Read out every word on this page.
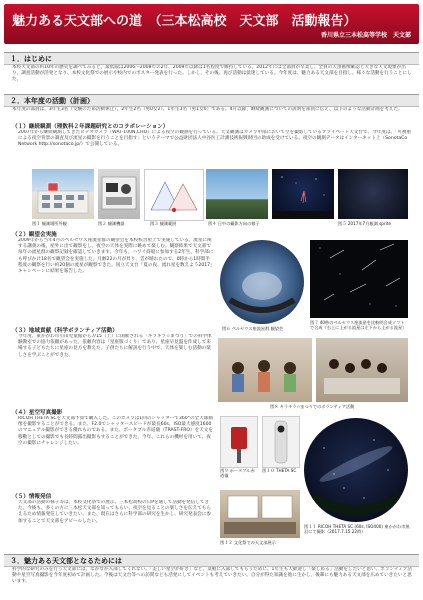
魅力ある天文部への道　（三本松高校　天文部　活動報告）
香川県立三本松高等学校　天文部
１．はじめに
本校天文部の約10年の歴史を調べてみると、最低限は2006～2008年の2年、2009年以降は1名程度で維持している。2012年には全部員が卒業し、全員の天頂画像確認と大きな天文現象が出り、調査活動が活発となり、本校文化祭での展示や校内でのポスター発表を行った。しかし、その後、再び活動は低迷している。今年度は、魅力ある天文部を目指し、様々な活動を行うことにした。
２．本年度の活動（計画）
本年度の部員は、3年生3名（受験のため活動休止）、2年生2名（男0女2）、1年生3名（男1女0）である。4月以降、継続観測についての説明を部員に伝え、以下のような活動計画を考えた。
（１）継続観測（理数科２年課題研究とのコラボレーション）
2007年から継続観測してきたビデオカメラ（WAT-100N,CHO）による夜空の観測を行っている。天文観測はカメラ中部において空を撮影しているプライベート天文台で、今年度は、「可視重による夜空背景の調査及び流星の撮影を行うことを目指す」というテーマで公益財団法人中谷医工計測技術振興財団の助成を受けている。夜空の観測データはインターネット上（SonotaCo Network http://sonotaco.jp/）で公開している。
図１ 観測場所外観	図２ 観測機器	図３ 観測範囲	図４ 日中の撮影方向の様子	図５ 2017年7月観測 sprite
（２）観望会実施
2009年から当年4月のペルセウス座流星群の観望会を本校校舎屋上で実施している。流星に関する講義の後、屋外に出て観察をし、夜空の天体を実際に眺めて楽しむ。観察結果で天文部で毎年の流星群の観察記録を確認していきます。今年も、ハワイ商船に参加する2年生、科学部にも呼びかけ18名で観望会を実施した。月齢22の月が昇り、雲が晴れたので、0時から1時間半程度の観察を行い約20個の流星が観察できた。国立天文台「夏の夜、流れ星を数えよう2017」キャンペーンに結果を報告した。
図６ ペルセウス座流星群 観望会
図７ 40秒のペルセウス座流星を比較明合成ソフトで合成（右上に上がる流星は左下から上がる流星）
（３）地域貢献（科学ボランティア活動）
今年度、東かがわ市引田児童館から7/15（土）に開催される「キラキラ☆まつり」での科学体験教室での協力依頼があった。依頼内容は「星座版づくり」であり、星座早見盤を作成して来場する子どもたちに星座の見方を教えた。子供たちに解説を行う中で、天体を楽しむ活動の楽しさを学ぶことができた。
図８ キラキラ☆まつりでのボランティア活動
（４）星空写真撮影
RICOH THETA SCを天文部予算で購入した。このカメラは1回のシャッターで360°の全天球画像を撮影することができる。また、F2.0でシャッタースピードが最長60s、ISO最大感度1600のマニュアル撮影ができる優れものである。また、ポータブル赤道儀（TRAST-FRO）を天文を移動としての撮影でも長時間露出撮影もすることができた。今年、これらの機材を用いて、夜空の撮影にチャレンジしたい。
図９ ポータブル赤道儀
図１０ THETA SC
（５）情報発信
天文部の活動の様子等は、本校文化祭での展示、三本松高校の日Pを通して活動を発信してきた。今後も、多くの方に三本松天文部を知ってもらい、夜空を見ることの楽しさを伝えてもらえるため情報発信していきたい。また、現在はさらに科学部の研究を生かし、研究発表会に参加することで天文部をアピールしたい。
図１２ 文化祭での天文部展示
図１１ RICOH THETA SC (60s, ISO400) 東かがわ市黒羽にて撮影（2017.7.15 22時）
３．魅力ある天文部となるためには
科学的な研究のみを行う天文部には、なかなか入部してくれない。「美しい星空が好き」など、気軽に入部してもらうために、1年生も大歓迎し「楽しめる」活動をしたいと思い、ボランティア活動や星空写真撮影を今年度初めて計画した。今後は天文台等への訪問なども活発にしてイベントも考えていきたい。自分が得た知識を他に生かし、後輩にも魅力ある天文部を広めていきたいと思います。
